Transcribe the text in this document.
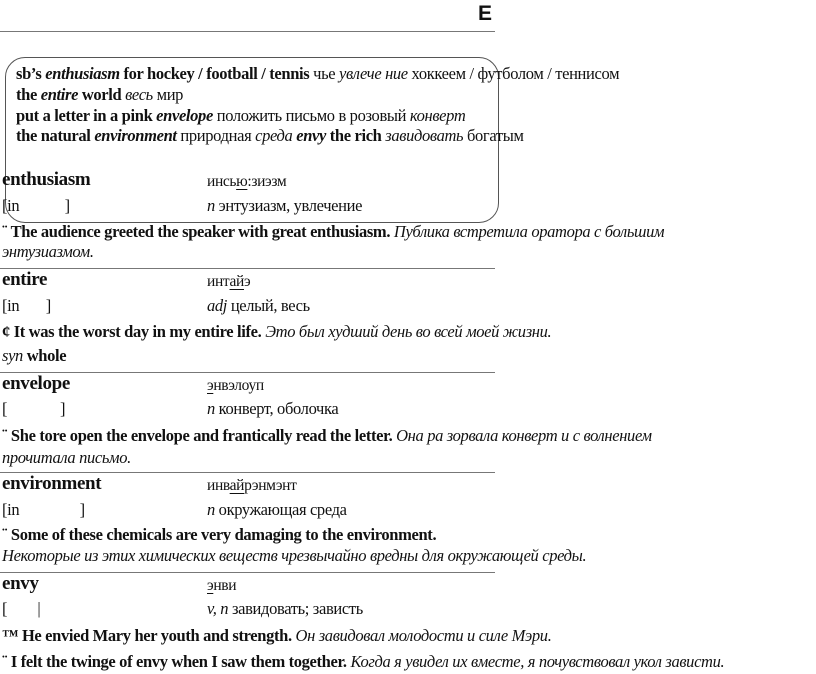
E
sb’s enthusiasm for hockey / football / tennis чье увлече ние хоккеем / футболом / теннисом
the entire world весь мир
put a letter in a pink envelope положить письмо в розовый конверт
the natural environment природная среда envy the rich завидовать богатым
enthusiasm	инсью:зиэзм
[in            ]	n энтузиазм, увлечение
¨ The audience greeted the speaker with great enthusiasm. Публика встретила оратора с большим
энтузиазмом.
entire	интайэ
[in       ]	adj целый, весь
¢ It was the worst day in my entire life. Это был худший день во всей моей жизни.
syn whole
envelope	энвэлоуп
[              ]	n конверт, оболочка
¨ She tore open the envelope and frantically read the letter. Она ра зорвала конверт и с волнением
прочитала письмо.
environment	инвайрэнмэнт
[in                ]	n окружающая среда
¨ Some of these chemicals are very damaging to the environment.
Некоторые из этих химических веществ чрезвычайно вредны для окружающей среды.
envy	энви
[        |	v, n завидовать; зависть
™ He envied Mary her youth and strength. Он завидовал молодости и силе Мэри.
¨ I felt the twinge of envy when I saw them together. Когда я увидел их вместе, я почувствовал укол зависти.
